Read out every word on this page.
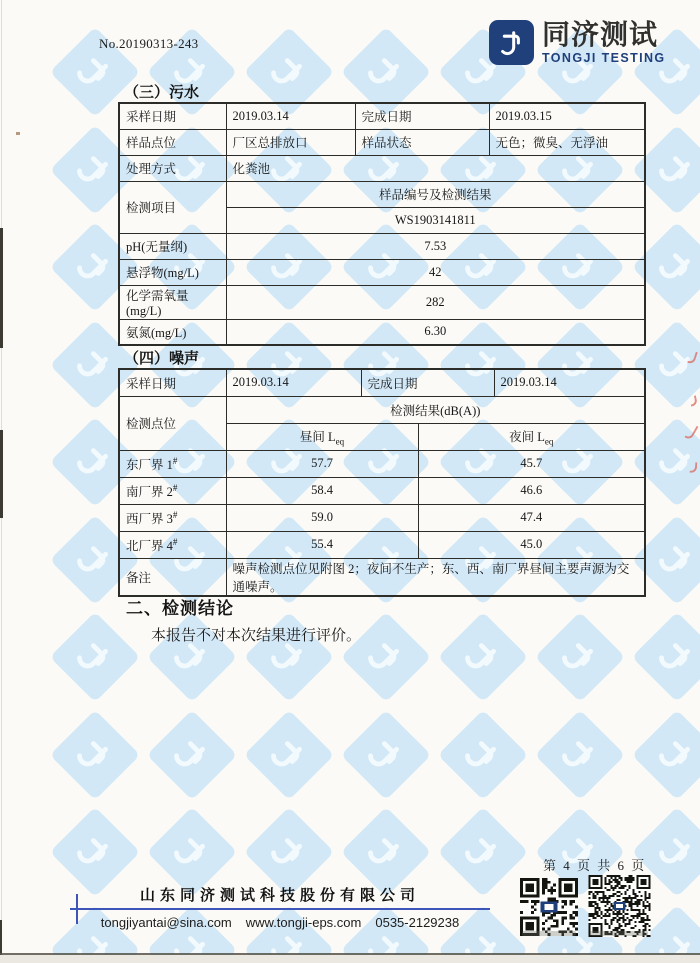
No.20190313-243	同济测试
TONGJI TESTING
（三）污水
采样日期	2019.03.14	完成日期	2019.03.15
样品点位	厂区总排放口	样品状态	无色；微臭、无浮油
处理方式	化粪池		
检测项目	样品编号及检测结果		
	WS1903141811		
pH(无量纲)	7.53		
悬浮物(mg/L)	42		
化学需氧量(mg/L)	282		
氨氮(mg/L)	6.30		
（四）噪声
采样日期	2019.03.14	完成日期		2019.03.14
检测点位	检测结果(dB(A))			
	昼间 $L_{eq}$		夜间 $L_{eq}$
东厂界 1#	57.7		45.7	
南厂界 2#	58.4		46.6	
西厂界 3#	59.0		47.4	
北厂界 4#	55.4		45.0	
备注	噪声检测点位见附图 2；夜间不生产；东、西、南厂界昼间主要声源为交通噪声。			
二、检测结论
本报告不对本次结果进行评价。
第 4 页 共 6 页
山东同济测试科技股份有限公司
tongjiyantai@sina.com www.tongji-eps.com 0535-2129238
